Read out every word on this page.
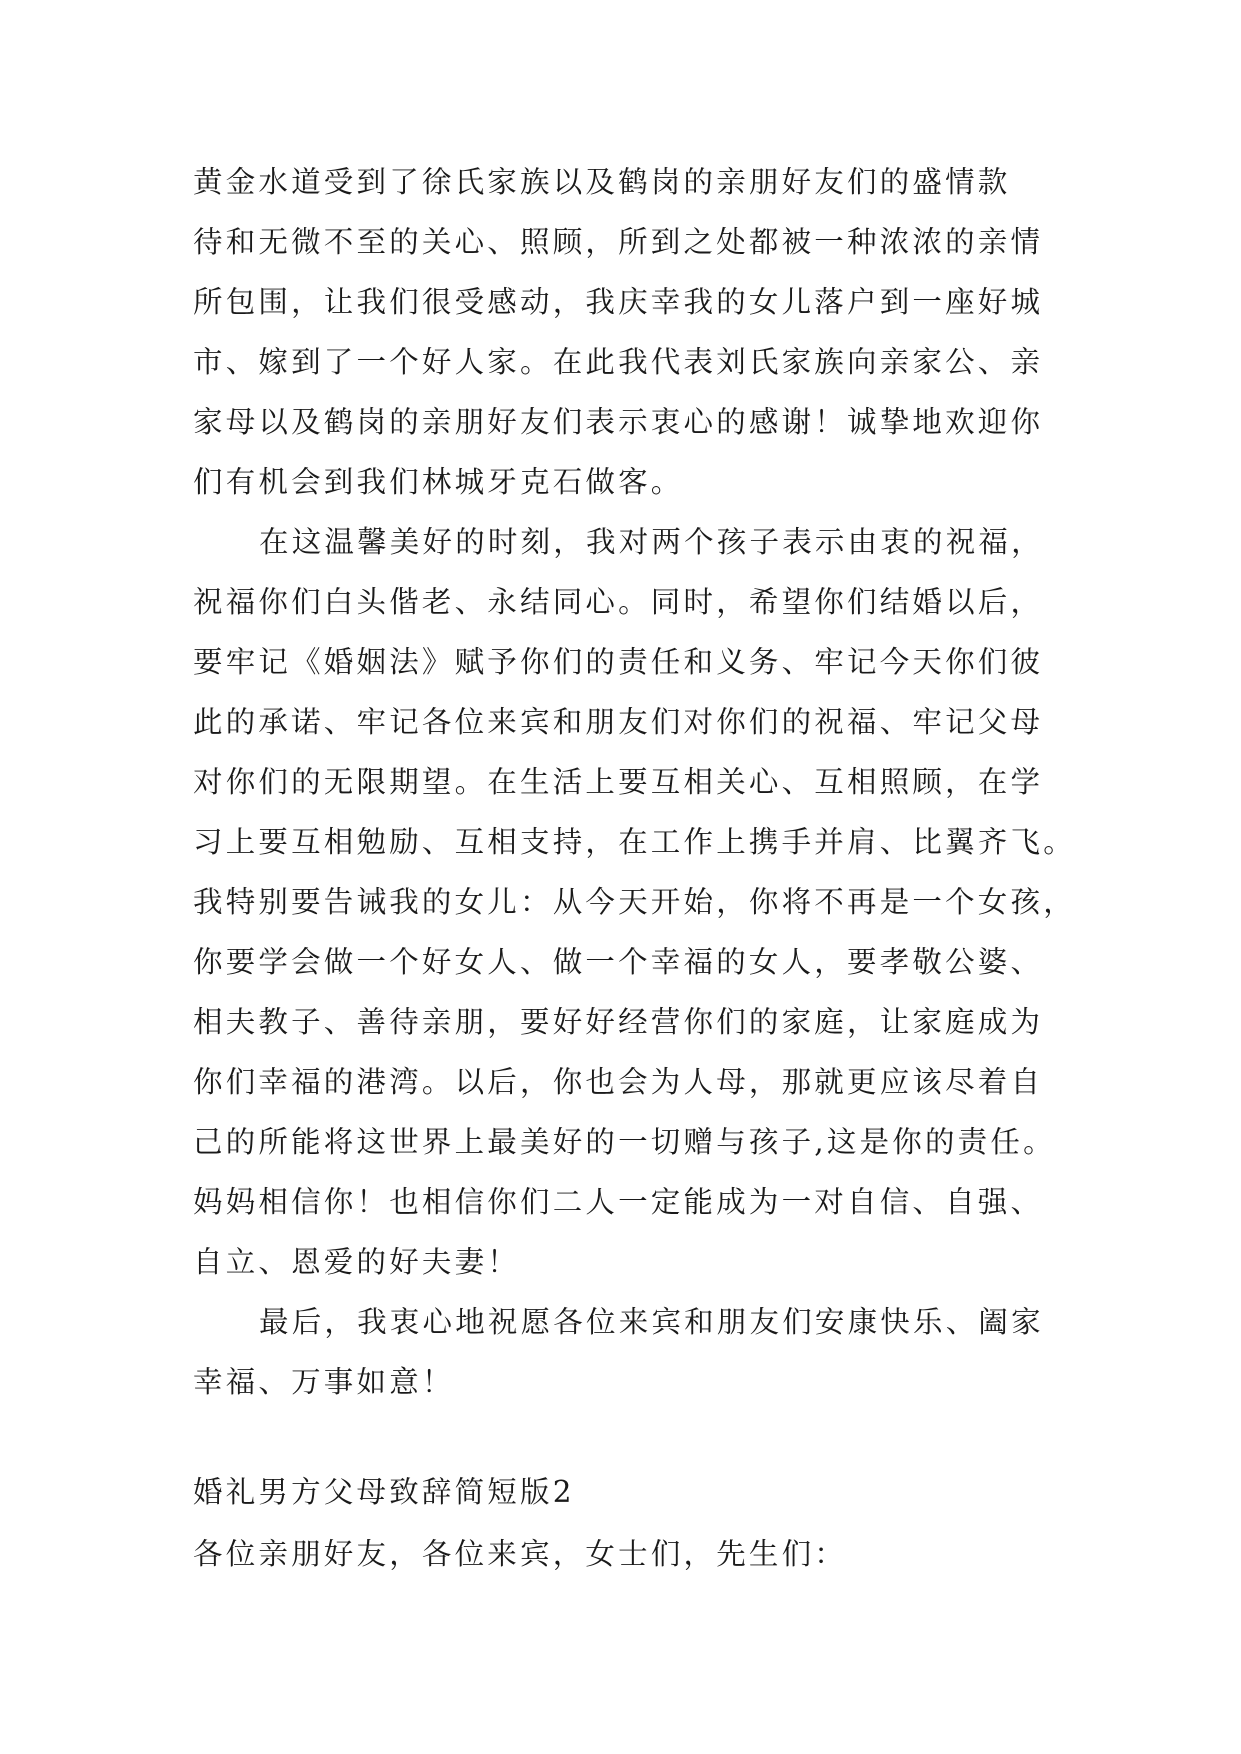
黄金水道受到了徐氏家族以及鹤岗的亲朋好友们的盛情款
待和无微不至的关心、照顾，所到之处都被一种浓浓的亲情
所包围，让我们很受感动，我庆幸我的女儿落户到一座好城
市、嫁到了一个好人家。在此我代表刘氏家族向亲家公、亲
家母以及鹤岗的亲朋好友们表示衷心的感谢！诚挚地欢迎你
们有机会到我们林城牙克石做客。
在这温馨美好的时刻，我对两个孩子表示由衷的祝福，
祝福你们白头偕老、永结同心。同时，希望你们结婚以后，
要牢记《婚姻法》赋予你们的责任和义务、牢记今天你们彼
此的承诺、牢记各位来宾和朋友们对你们的祝福、牢记父母
对你们的无限期望。在生活上要互相关心、互相照顾，在学
习上要互相勉励、互相支持，在工作上携手并肩、比翼齐飞。
我特别要告诫我的女儿：从今天开始，你将不再是一个女孩，
你要学会做一个好女人、做一个幸福的女人，要孝敬公婆、
相夫教子、善待亲朋，要好好经营你们的家庭，让家庭成为
你们幸福的港湾。以后，你也会为人母，那就更应该尽着自
己的所能将这世界上最美好的一切赠与孩子,这是你的责任。
妈妈相信你！也相信你们二人一定能成为一对自信、自强、
自立、恩爱的好夫妻！
最后，我衷心地祝愿各位来宾和朋友们安康快乐、阖家
幸福、万事如意！
婚礼男方父母致辞简短版2
各位亲朋好友，各位来宾，女士们，先生们：
